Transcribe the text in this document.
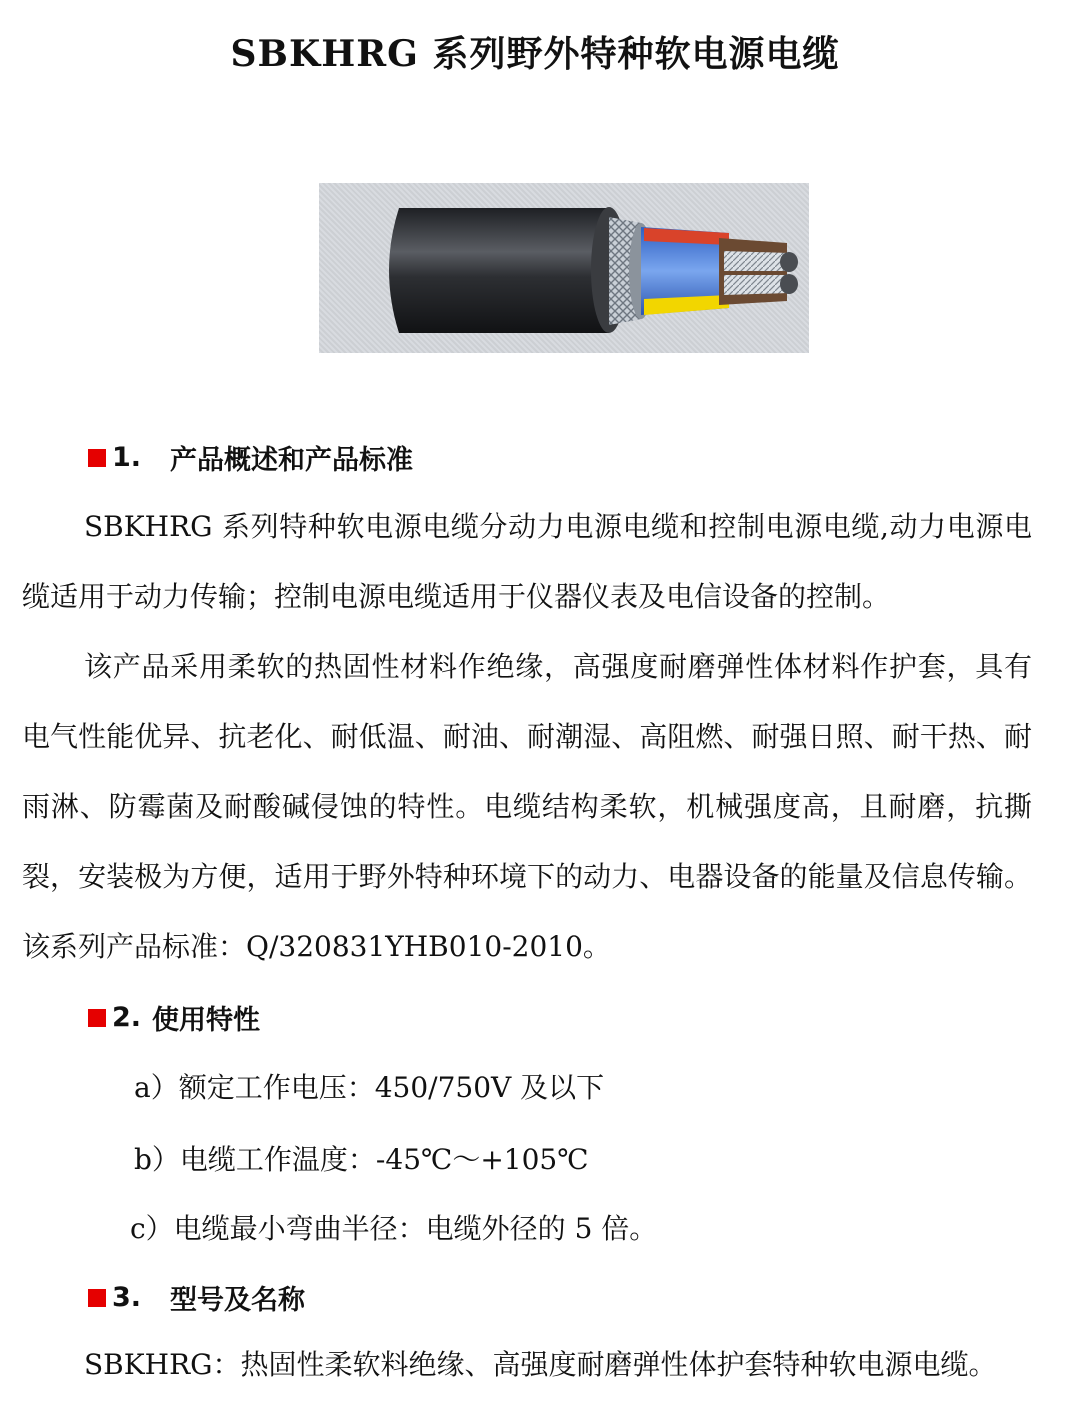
SBKHRG 系列野外特种软电源电缆
1.	产品概述和产品标准
SBKHRG 系列特种软电源电缆分动力电源电缆和控制电源电缆,动力电源电缆适用于动力传输；控制电源电缆适用于仪器仪表及电信设备的控制。
该产品采用柔软的热固性材料作绝缘，高强度耐磨弹性体材料作护套，具有电气性能优异、抗老化、耐低温、耐油、耐潮湿、高阻燃、耐强日照、耐干热、耐雨淋、防霉菌及耐酸碱侵蚀的特性。电缆结构柔软，机械强度高，且耐磨，抗撕裂，安装极为方便，适用于野外特种环境下的动力、电器设备的能量及信息传输。该系列产品标准：Q/320831YHB010-2010。
2. 使用特性
a）额定工作电压：450/750V 及以下
b）电缆工作温度：-45℃～+105℃
c）电缆最小弯曲半径：电缆外径的 5 倍。
3.	型号及名称
SBKHRG：热固性柔软料绝缘、高强度耐磨弹性体护套特种软电源电缆。
